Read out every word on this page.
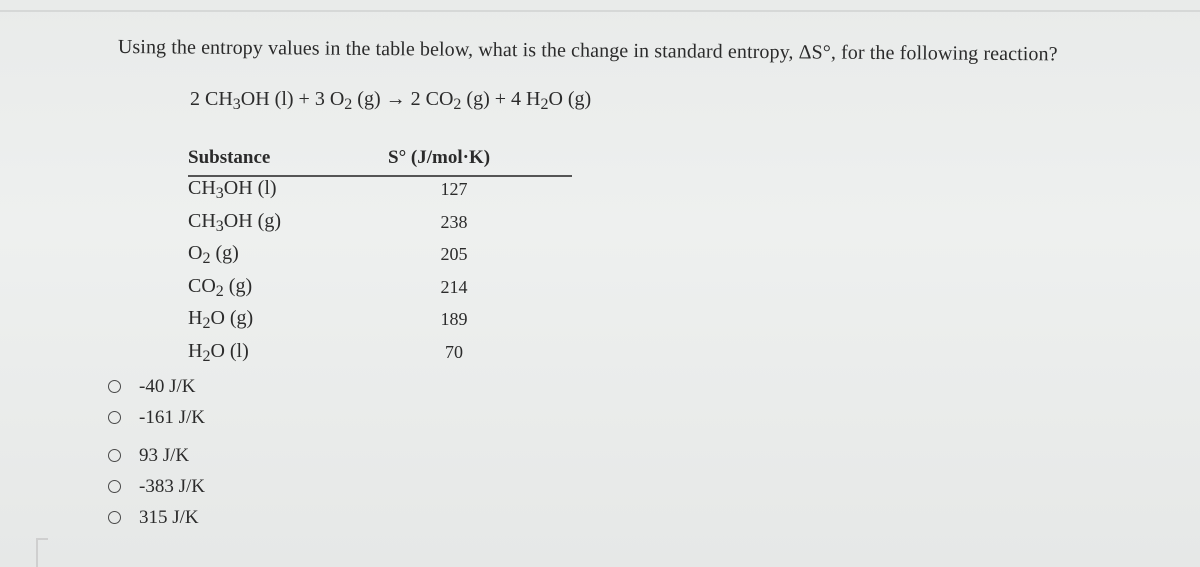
Using the entropy values in the table below, what is the change in standard entropy, ΔS°, for the following reaction?
2 $CH_3OH$ (l) + 3 $O_2$ (g) → 2 $CO_2$ (g) + 4 $H_2O$ (g)
Substance	S° (J/mol·K)
$CH_3OH$ (l)	127
$CH_3OH$ (g)	238
$O_2$ (g)	205
$CO_2$ (g)	214
$H_2O$ (g)	189
$H_2O$ (l)	70
-40 J/K
-161 J/K
93 J/K
-383 J/K
315 J/K
